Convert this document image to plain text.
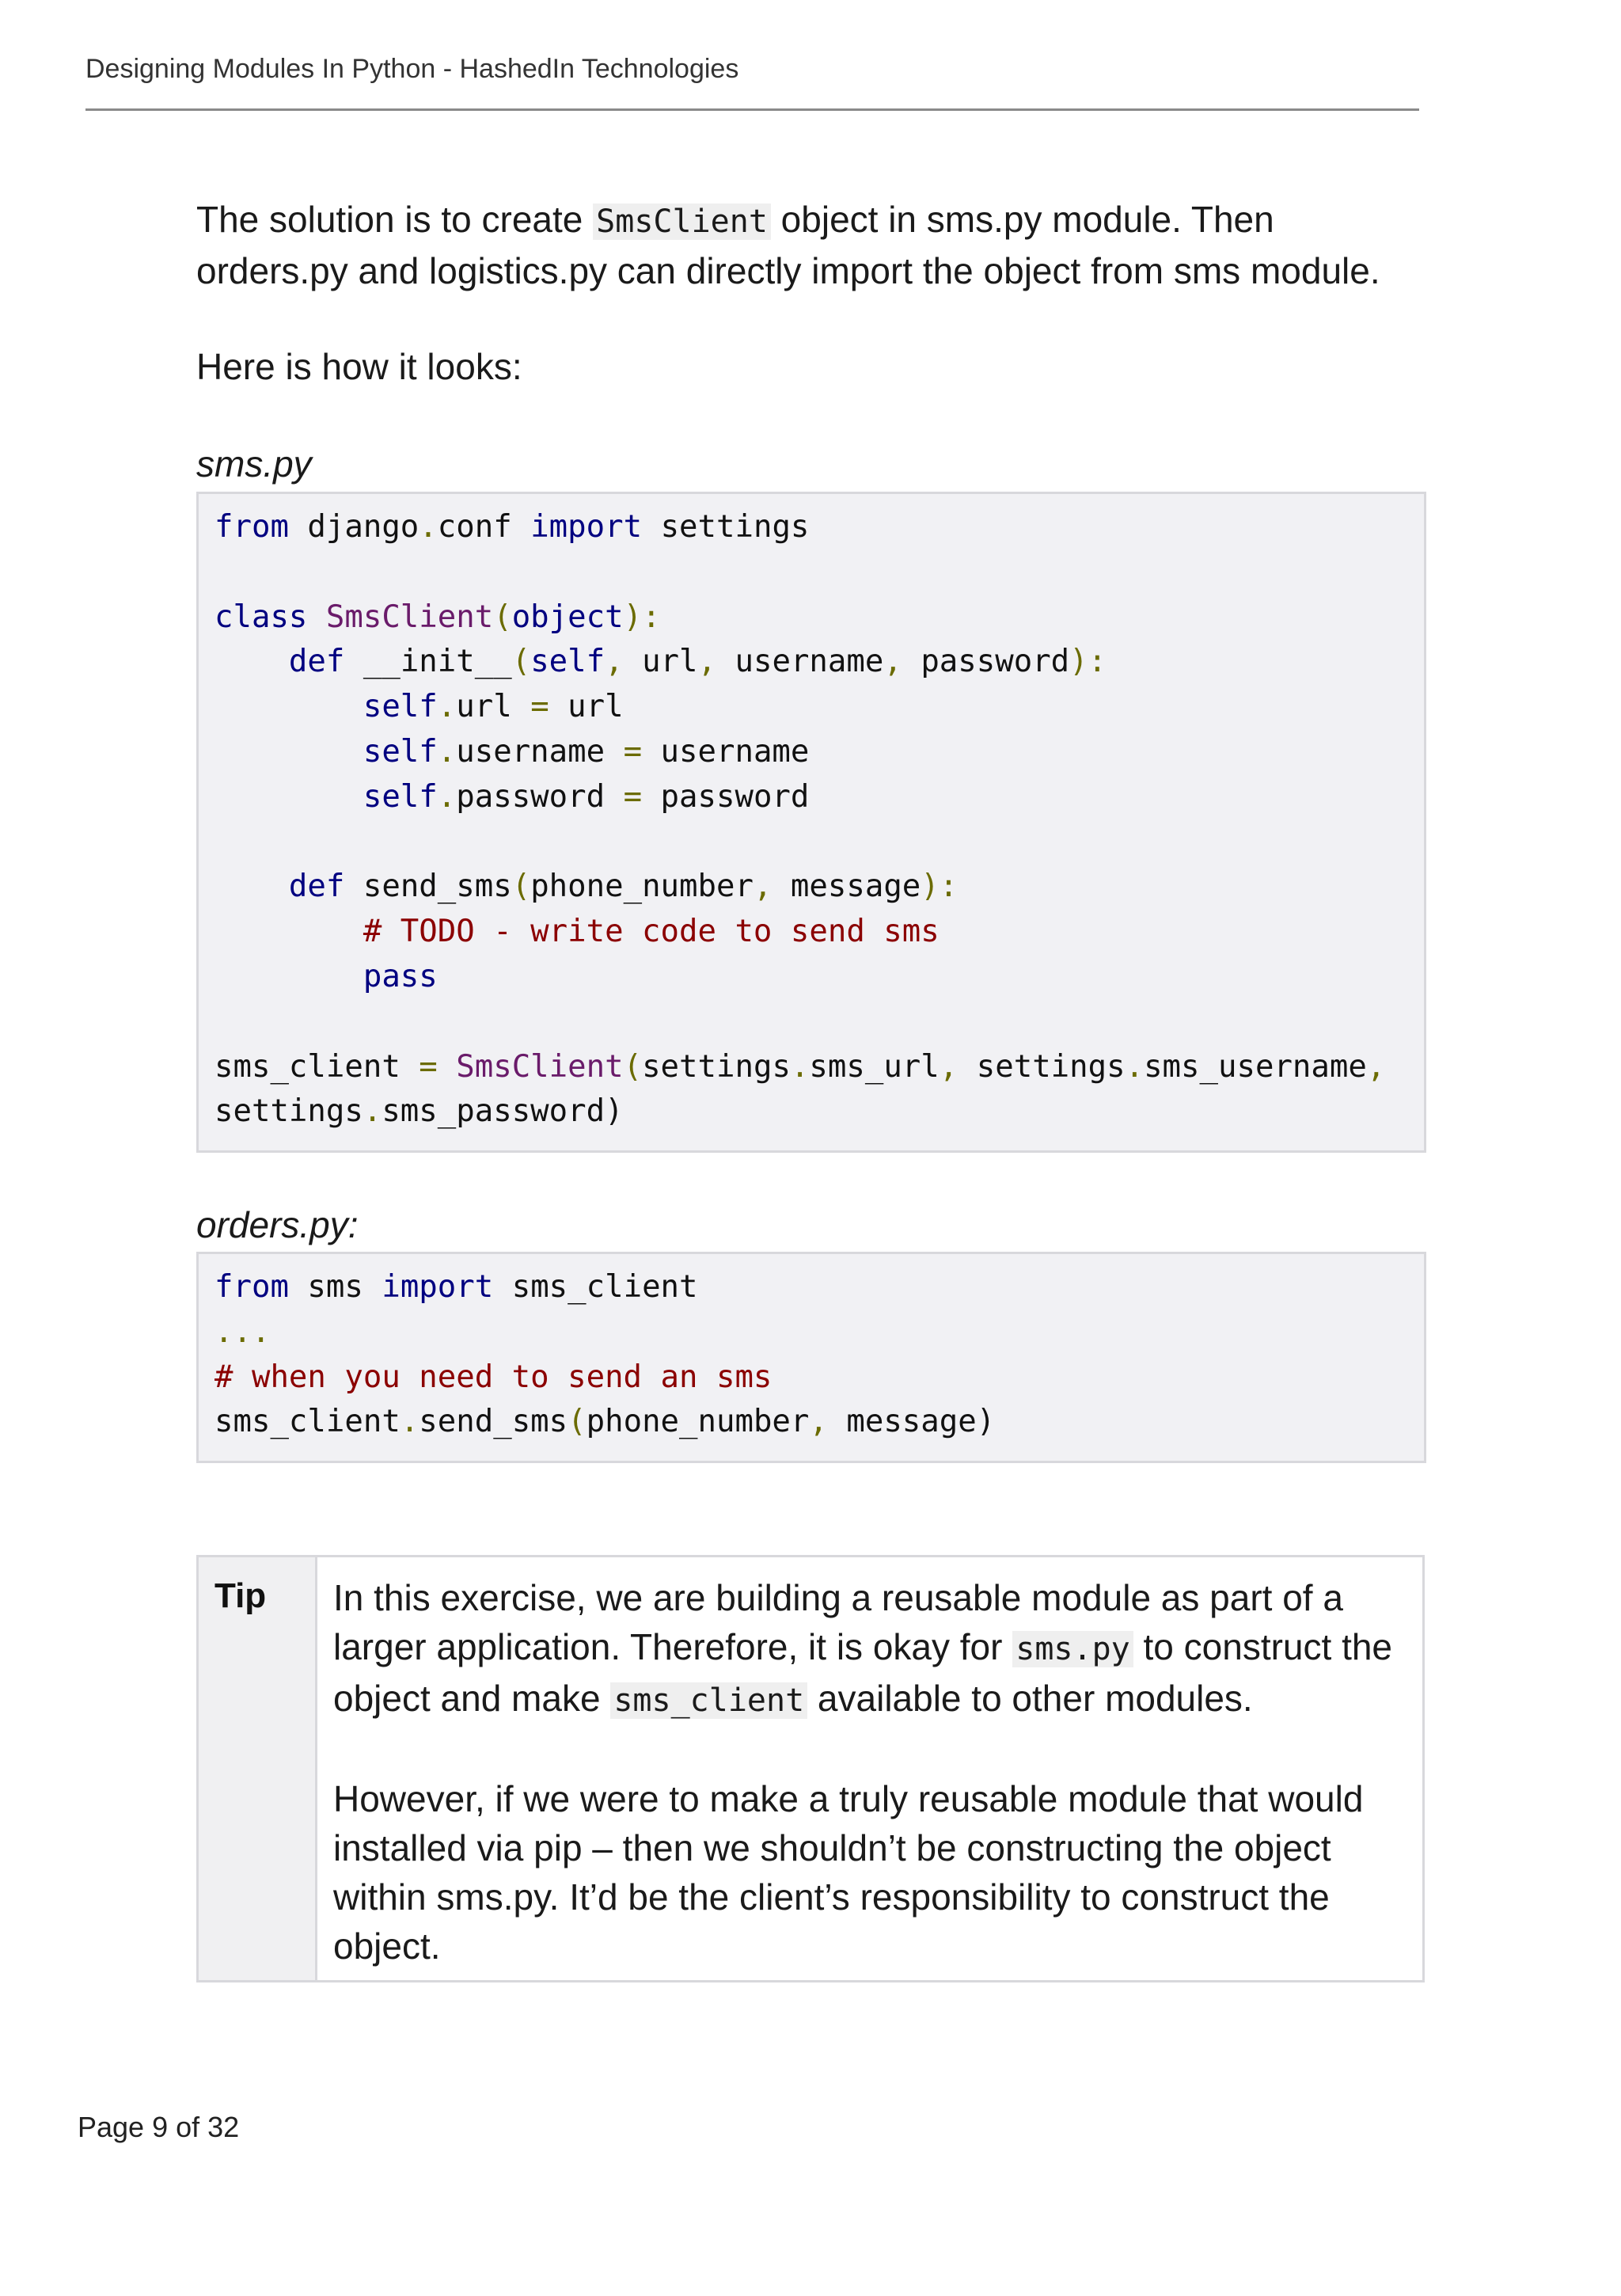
Designing Modules In Python - HashedIn Technologies

The solution is to create SmsClient object in sms.py module. Then orders.py and logistics.py can directly import the object from sms module.

Here is how it looks:

sms.py
from django.conf import settings

class SmsClient(object):
def __init__(self, url, username, password):
self.url = url
self.username = username
self.password = password

def send_sms(phone_number, message):
# TODO - write code to send sms
pass

sms_client = SmsClient(settings.sms_url, settings.sms_username,
settings.sms_password)
orders.py:
from sms import sms_client
...
# when you need to send an sms
sms_client.send_sms(phone_number, message)
Tip	In this exercise, we are building a reusable module as part of a larger application. Therefore, it is okay for sms.py to construct the object and make sms_client available to other modules.

However, if we were to make a truly reusable module that would installed via pip – then we shouldn’t be constructing the object within sms.py. It’d be the client’s responsibility to construct the object.

Page 9 of 32
